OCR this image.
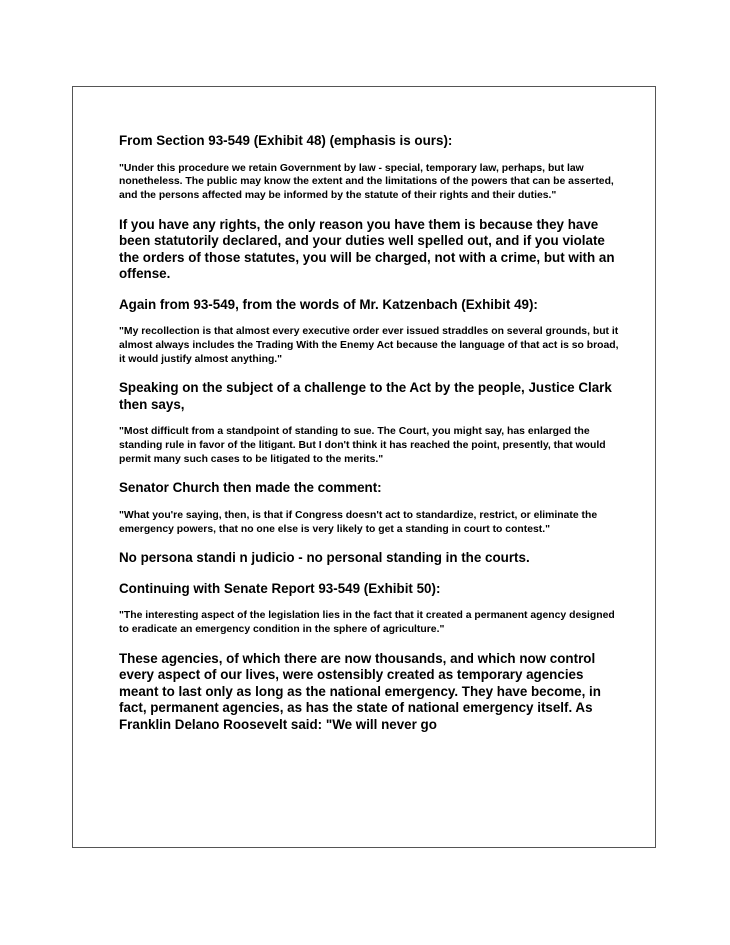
From Section 93-549 (Exhibit 48) (emphasis is ours):

"Under this procedure we retain Government by law - special, temporary law, perhaps, but law nonetheless. The public may know the extent and the limitations of the powers that can be asserted, and the persons affected may be informed by the statute of their rights and their duties."

If you have any rights, the only reason you have them is because they have been statutorily declared, and your duties well spelled out, and if you violate the orders of those statutes, you will be charged, not with a crime, but with an offense.

Again from 93-549, from the words of Mr. Katzenbach (Exhibit 49):

"My recollection is that almost every executive order ever issued straddles on several grounds, but it almost always includes the Trading With the Enemy Act because the language of that act is so broad, it would justify almost anything."

Speaking on the subject of a challenge to the Act by the people, Justice Clark then says,

"Most difficult from a standpoint of standing to sue. The Court, you might say, has enlarged the standing rule in favor of the litigant. But I don't think it has reached the point, presently, that would permit many such cases to be litigated to the merits."

Senator Church then made the comment:

"What you're saying, then, is that if Congress doesn't act to standardize, restrict, or eliminate the emergency powers, that no one else is very likely to get a standing in court to contest."

No persona standi n judicio - no personal standing in the courts.

Continuing with Senate Report 93-549 (Exhibit 50):

"The interesting aspect of the legislation lies in the fact that it created a permanent agency designed to eradicate an emergency condition in the sphere of agriculture."

These agencies, of which there are now thousands, and which now control every aspect of our lives, were ostensibly created as temporary agencies meant to last only as long as the national emergency. They have become, in fact, permanent agencies, as has the state of national emergency itself. As Franklin Delano Roosevelt said: "We will never go
